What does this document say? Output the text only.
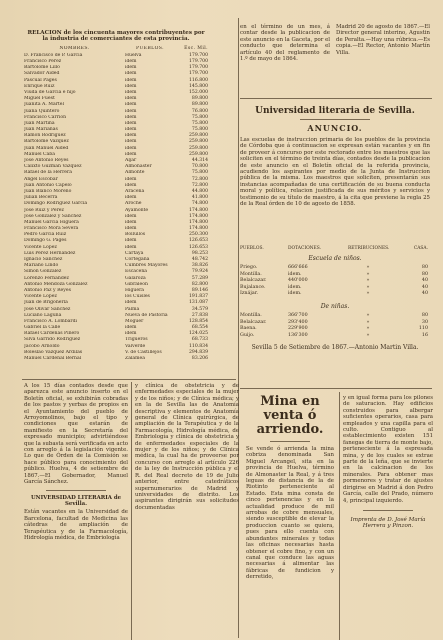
RELACION de los cincuenta mayores contribuyentes por la industria de comerciantes de esta provincia.
NOMBRES.	PUEBLOS.	Esc. Mil.
D. Francisco de P. Garcia	Huelva	179.700
Francisco Perez	idem	179.700
Bartolomé Lillo	idem	179.700
Salvador Aided	idem	179.700
Pascual Pagés	idem	116.800
Enrique Ruiz	idem	145.800
Viuda de Garcia é hijo	idem	152.000
Miguel Fuest	idem	89.800
Juanita A. Martel	idem	89.800
Juana Quintero	idem	76.800
Francisco Carrion	idem	75.800
Juan Martina	idem	75.800
Juan Marianas	idem	75.800
Ramon Rodriguez	idem	259.800
Bartolomé Vázquez	idem	259.800
Juan Manuel Aided	idem	259.800
Manuel Caba	idem	259.800
José Antonio Reyes	Aljar	44.314
Calixto Guzman Vazquez	Almonaster	70.800
Rafael de la Herrera	Almonte	75.800
Angel Escobar	idem	72.800
Juan Antonio Capelo	idem	72.800
Juan Blanco Moreno	Aracena	44.800
Julian Becerra	idem	41.800
Domingo Rodriguez Garcia	Aroche	74.800
José Ruiz y Perez	Ayamonte	174.800
José González y Sanchez	idem	174.800
Manuel Garcia Higuera	idem	174.800
Francisco Mora Severa	idem	174.800
Pedro Garcia Ruiz	Bollullos	250.300
Domingo G. Pagés	idem	126.653
Vicente Lopez	idem	126.653
Luis Perez Hernandez	Cartaya	98.253
Ignacio Sanchez	Cortegana	48.742
Mariano Lindo	Cumbres Mayores	38.826
Simon Gonzalez	Escacena	79.924
Lorenzo Fernandez	Galaroza	57.289
Antonio Mendoza Gonzalez	Gibraleon	82.800
Antonio Paz y Reyes	Higuera	89.146
Vicente Lopez	los Cuisles	191.837
Juan de Brigonerla	idem	131.087
José Olivar Sanchez	Palma	34.579
Luciano Laguna	Nueva de Pastoria	27.838
Francisco A. Lombardi	Moguer	128.854
Gabriel la Calle	idem	68.554
Rafael Cárdenas Pinero	idem	124.025
Silva Garrido Rodriguez	Trigueros	68.733
Jacobo Arnoldo	Valverde	110.834
Boleslao Vazquez Ardilas	V. de Castillejos	294.839
Manuel Cardenal Bernal	Zalamea	83.206

A los 15 días contados desde que aparezca este anuncio inserto en el Boletín oficial, se exhibirán cobradas de los pastos y yerbas de propios en el Ayuntamiento del pueblo de Arroyomolinos, bajo el tipo y condiciones que estarán de manifiesto en la Secretaría del expresado municipio; advirtiéndose que la subasta será verificada en acto con arreglo á la legislación vigente. Lo que de Órden de la Comisión se hace público para conocimiento del público. Huelva, 4 de setiembre de 1867.—El Gobernador, Manuel García Sánchez.

UNIVERSIDAD LITERARIA de Sevilla.

Están vacantes en la Universidad de Barcelona, facultad de Medicina las cátedras de ampliación de Terapéutica y de la Farmacología, Hidrología médica, de Embriología

y clínica de obstetricia y de enfermedades especiales de la mujer y de los niños; y de Clínica médica; y en la de Sevilla las de Anatomía descriptiva y elementos de Anatomía general de Clínica quirúrgica, de ampliación de la Terapéutica y de la Farmacología, Hidrología médica, de Embriología y clínica de obstetricia y de enfermedades especiales de la mujer y de los niños; y de Clínica médica, la cual ha de proveerse por concurso con arreglo al artículo 226 de la ley de Instrucción pública y el R. del Real decreto de 19 de Julio anterior, entre catedráticos supernumerarios de Madrid y universidades de distrito. Los aspirantes dirigirán sus solicitudes documentadas

en el término de un mes, á contar desde la publicacion de este anuncio en la Gaceta, por el conducto que determina el artículo 40 del reglamento de 1.º de mayo de 1864.

Madrid 20 de agosto de 1867.—El Director general interino, Agustin de Peralta.—Hay una rúbrica.—Es copia.—El Rector, Antonio Martín Villa.

Universidad literaria de Sevilla.
ANUNCIO.

Las escuelas de instruccion primaria de los pueblos de la provincia de Córdoba que á continuacion se expresan están vacantes y en fin de proveer á concurso por este rectorado entre los maestros que las soliciten en el término de treinta días, contados desde la publicacion de este anuncio en el Boletín oficial de la referida provincia, acudiendo los aspirantes por medio de la Junta de Instruccion pública de la misma. Los maestros que soliciten, presentarán sus instancias acompañadas de una certificación de su buena conducta moral y política, relacion justificada de sus méritos y servicios y testimonio de su título de maestro, á la cita que previene la regla 25 de la Real órden de 10 de agosto de 1858.

PUEBLOS.	DOTACIONES.	RETRIBUCIONES.	CASA.
Escuela de niños.
Priego.	666'666	»	80
Montilla.	idem.	»	80
Belalcazar.	440'000	»	40
Bujalance.	idem.	»	40
Iznájar.	idem.	»	40
De niñas.
Montilla.	366'700	»	80
Belalcazar.	293'400	»	30
Baena.	229'900	»	110
Guijo.	136'300	»	16

Sevilla 5 de Setiembre de 1867.—Antonio Martin Villa.

Mina en venta ó arriendo.

Se vende ó arrienda la mina cobriza denominada San Miguel Arcangel, sita en la provincia de Huelva, término de Almonaster la Real, y á tres leguas de distancia de la de Riotinto perteneciente al Estado. Esta mina consta de cinco pertenencias y en la actualidad produce de mil arrobas de cobre mensuales, siendo susceptible de elevar la produccion cuanto se quiera, pues para ello cuenta con abundantes minerales y todas las oficinas necesarias hasta obtener el cobre fino, y con un canal que conduce las aguas necesarias á alimentar las fábricas de fundicion y derretido,

y en igual forma para los pilones de saturacion. Hay edificios construidos para albergar suficientes operarios, casa para empleados y una capilla para el culto. Contiguo al establecimiento existen 151 fanegas de tierra de monte bajo, perteneciente á la espresada mina, y de los cuales se extrae parte de la leña, que se invierte en la calcinacion de los minerales. Para obtener mas pormenores y tratar de ajustes dirigirse en Madrid á don Pedro García, calle del Prado, número 4, principal izquierdo.

Imprenta de D. José María Herrera y Pinzon.
